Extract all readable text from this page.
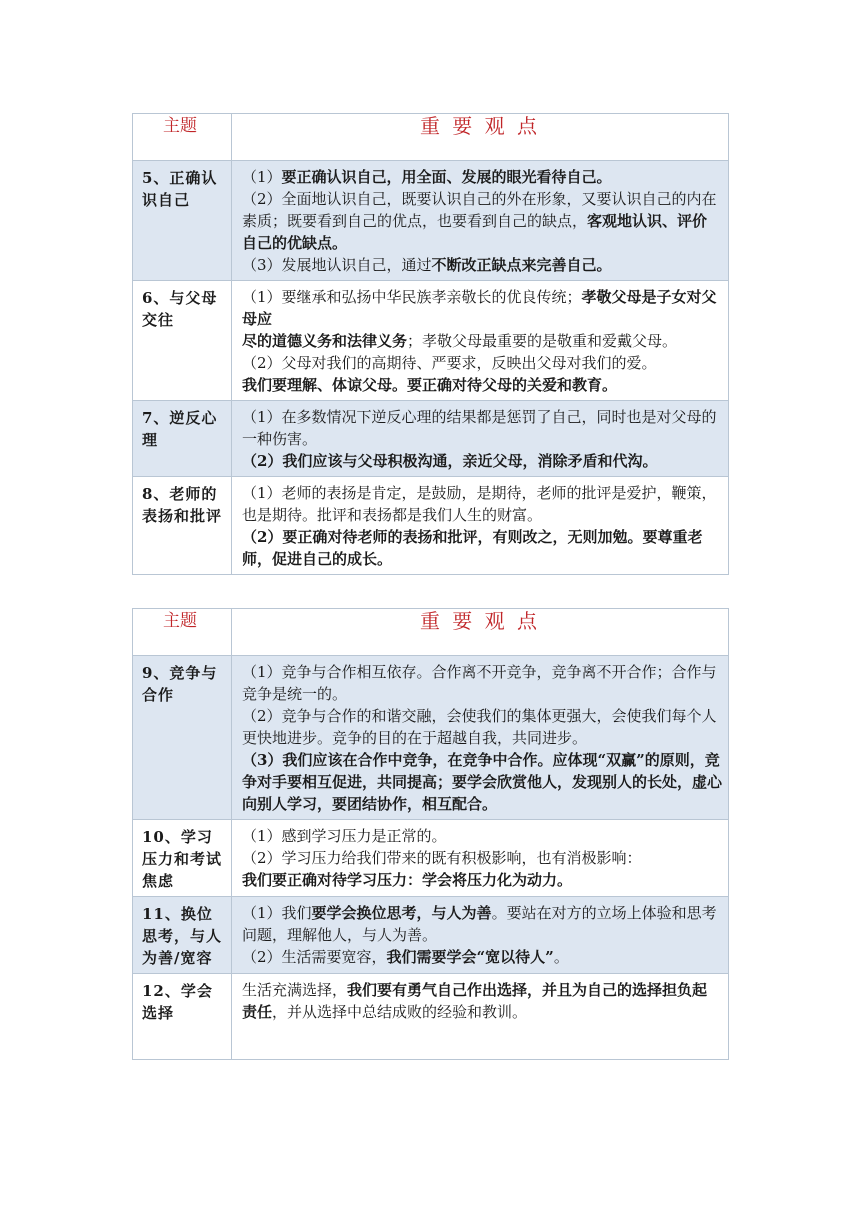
主题	重 要 观 点
5、正确认识自己	（1）要正确认识自己，用全面、发展的眼光看待自己。

（2）全面地认识自己，既要认识自己的外在形象，又要认识自己的内在素质；既要看到自己的优点，也要看到自己的缺点，客观地认识、评价自己的优缺点。

（3）发展地认识自己，通过不断改正缺点来完善自己。

6、与父母交往	（1）要继承和弘扬中华民族孝亲敬长的优良传统；孝敬父母是子女对父母应

尽的道德义务和法律义务；孝敬父母最重要的是敬重和爱戴父母。

（2）父母对我们的高期待、严要求，反映出父母对我们的爱。

我们要理解、体谅父母。要正确对待父母的关爱和教育。

7、逆反心理	（1）在多数情况下逆反心理的结果都是惩罚了自己，同时也是对父母的一种伤害。

（2）我们应该与父母积极沟通，亲近父母，消除矛盾和代沟。

8、老师的表扬和批评	（1）老师的表扬是肯定，是鼓励，是期待，老师的批评是爱护，鞭策，也是期待。批评和表扬都是我们人生的财富。

（2）要正确对待老师的表扬和批评，有则改之，无则加勉。要尊重老师，促进自己的成长。

主题	重 要 观 点
9、竞争与合作	（1）竞争与合作相互依存。合作离不开竞争，竞争离不开合作；合作与竞争是统一的。

（2）竞争与合作的和谐交融，会使我们的集体更强大，会使我们每个人更快地进步。竞争的目的在于超越自我，共同进步。

（3）我们应该在合作中竞争，在竞争中合作。应体现“双赢”的原则，竞争对手要相互促进，共同提高；要学会欣赏他人，发现别人的长处，虚心向别人学习，要团结协作，相互配合。

10、学习压力和考试焦虑	（1）感到学习压力是正常的。

（2）学习压力给我们带来的既有积极影响，也有消极影响：

我们要正确对待学习压力：学会将压力化为动力。

11、换位思考，与人为善/宽容	（1）我们要学会换位思考，与人为善。要站在对方的立场上体验和思考问题，理解他人，与人为善。

（2）生活需要宽容，我们需要学会“宽以待人”。

12、学会选择	生活充满选择，我们要有勇气自己作出选择，并且为自己的选择担负起责任，并从选择中总结成败的经验和教训。
